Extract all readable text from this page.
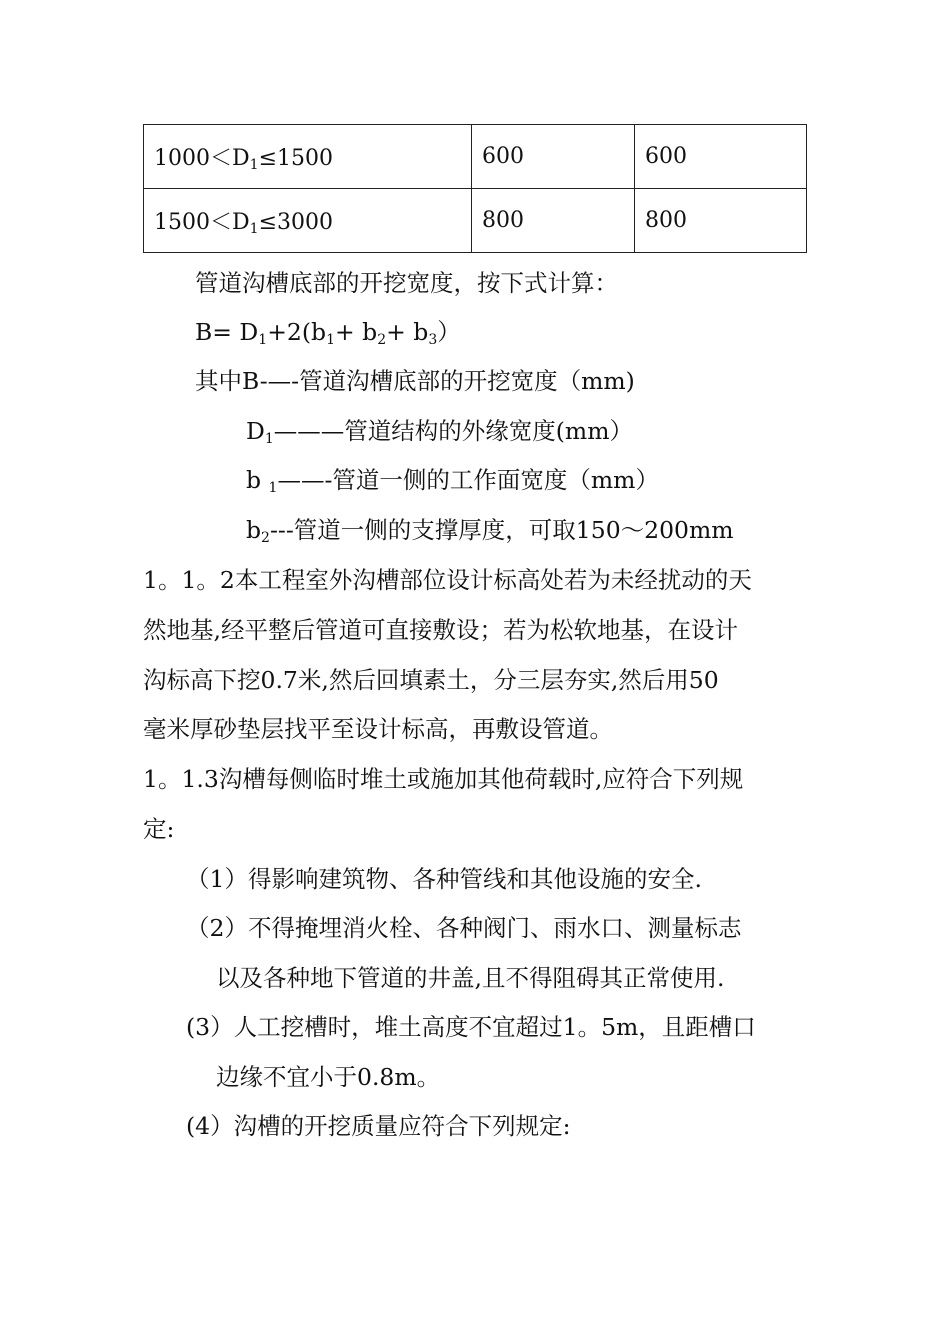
$1000<D_1\le 1500$	600	600
$1500<D_1\le 3000$	800	800
管道沟槽底部的开挖宽度，按下式计算：
$B= D_1+2(b_1+ b_2+ b_3)$
其中B-—-管道沟槽底部的开挖宽度（mm)
$D_1———$管道结构的外缘宽度(mm）
b $_1$——-管道一侧的工作面宽度（mm）
$b_2---$管道一侧的支撑厚度，可取150～200mm
1。1。2本工程室外沟槽部位设计标高处若为未经扰动的天
然地基,经平整后管道可直接敷设；若为松软地基，在设计
沟标高下挖0.7米,然后回填素土，分三层夯实,然后用50
毫米厚砂垫层找平至设计标高，再敷设管道。
1。1.3沟槽每侧临时堆土或施加其他荷载时,应符合下列规
定:
（1）得影响建筑物、各种管线和其他设施的安全.
（2）不得掩埋消火栓、各种阀门、雨水口、测量标志
以及各种地下管道的井盖,且不得阻碍其正常使用.
(3）人工挖槽时，堆土高度不宜超过1。5m，且距槽口
边缘不宜小于0.8m。
(4）沟槽的开挖质量应符合下列规定:
